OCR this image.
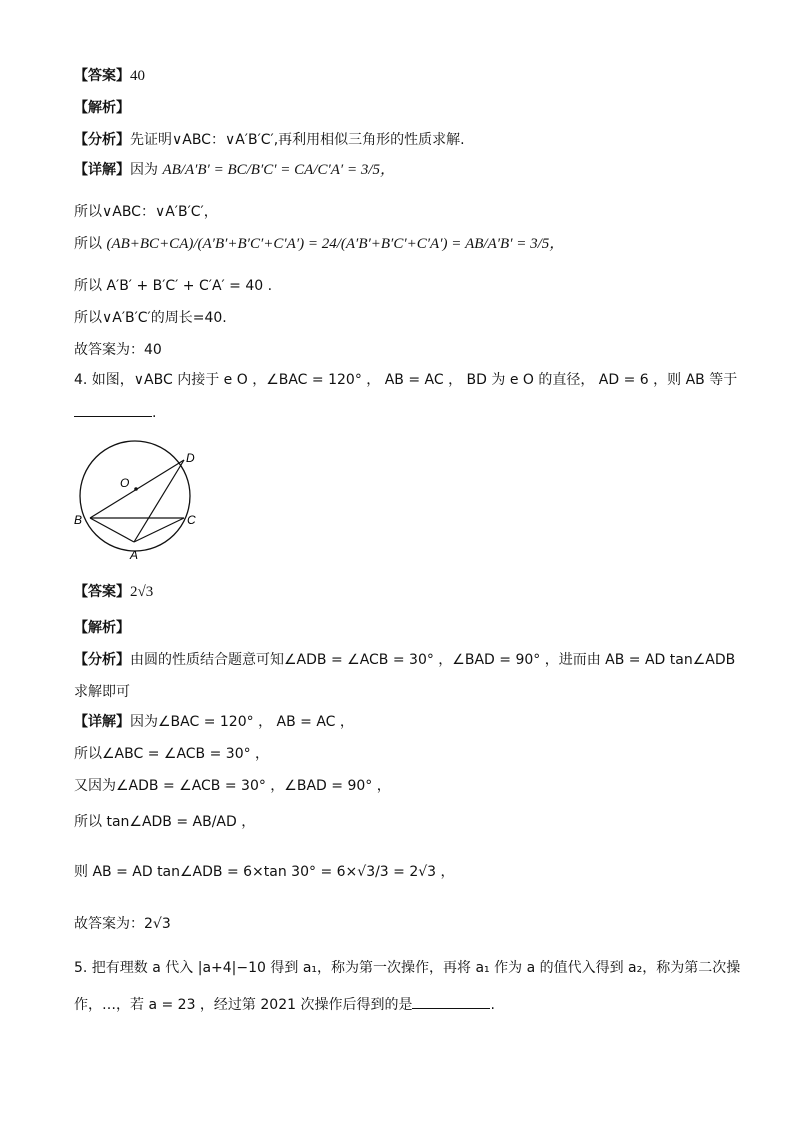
【答案】40
【解析】
【分析】先证明∨ABC：∨A′B′C′,再利用相似三角形的性质求解.
【详解】因为 AB/A′B′ = BC/B′C′ = CA/C′A′ = 3/5，
所以∨ABC：∨A′B′C′，
所以 (AB+BC+CA)/(A′B′+B′C′+C′A′) = 24/(A′B′+B′C′+C′A′) = AB/A′B′ = 3/5，
所以 A′B′ + B′C′ + C′A′ = 40 .
所以∨A′B′C′的周长=40.
故答案为：40
4. 如图，∨ABC 内接于 e O ，∠BAC = 120° ， AB = AC ， BD 为 e O 的直径， AD = 6 ，则 AB 等于
.
O
D
B	C
A
【答案】2√3
【解析】
【分析】由圆的性质结合题意可知∠ADB = ∠ACB = 30° ，∠BAD = 90° ，进而由 AB = AD tan∠ADB
求解即可
【详解】因为∠BAC = 120° ， AB = AC ，
所以∠ABC = ∠ACB = 30° ，
又因为∠ADB = ∠ACB = 30° ，∠BAD = 90° ，
所以 tan∠ADB = AB/AD ，
则 AB = AD tan∠ADB = 6×tan 30° = 6×√3/3 = 2√3 ，
故答案为：2√3
5. 把有理数 a 代入 |a+4|−10 得到 a₁，称为第一次操作，再将 a₁ 作为 a 的值代入得到 a₂，称为第二次操
作，…，若 a = 23 ，经过第 2021 次操作后得到的是	.
